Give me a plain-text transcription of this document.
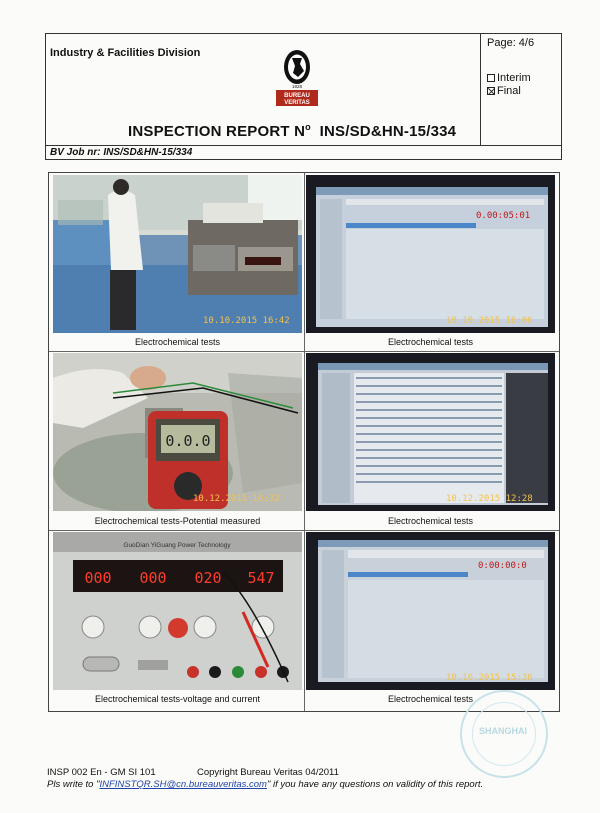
Industry & Facilities Division
Page: 4/6
Interim
Final
1828
BUREAU
VERITAS
INSPECTION REPORT $N^o$ INS/SD&HN-15/334
BV Job nr: INS/SD&HN-15/334
10.10.2015 16:42
Electrochemical tests
0.00:05:01
10.10.2015 16:06
Electrochemical tests
0.0.0
10.12.2015 16:32
Electrochemical tests-Potential measured
10.12.2015 12:28
Electrochemical tests
GuoDian YiGuang Power Technology
000 000 020 547
Electrochemical tests-voltage and current
0:00:00:0
10.16.2015 15:36
Electrochemical tests
SHANGHAI
INSP 002 En - GM SI 101	Copyright Bureau Veritas 04/2011
Pls write to "INFINSTQR.SH@cn.bureauveritas.com" if you have any questions on validity of this report.
